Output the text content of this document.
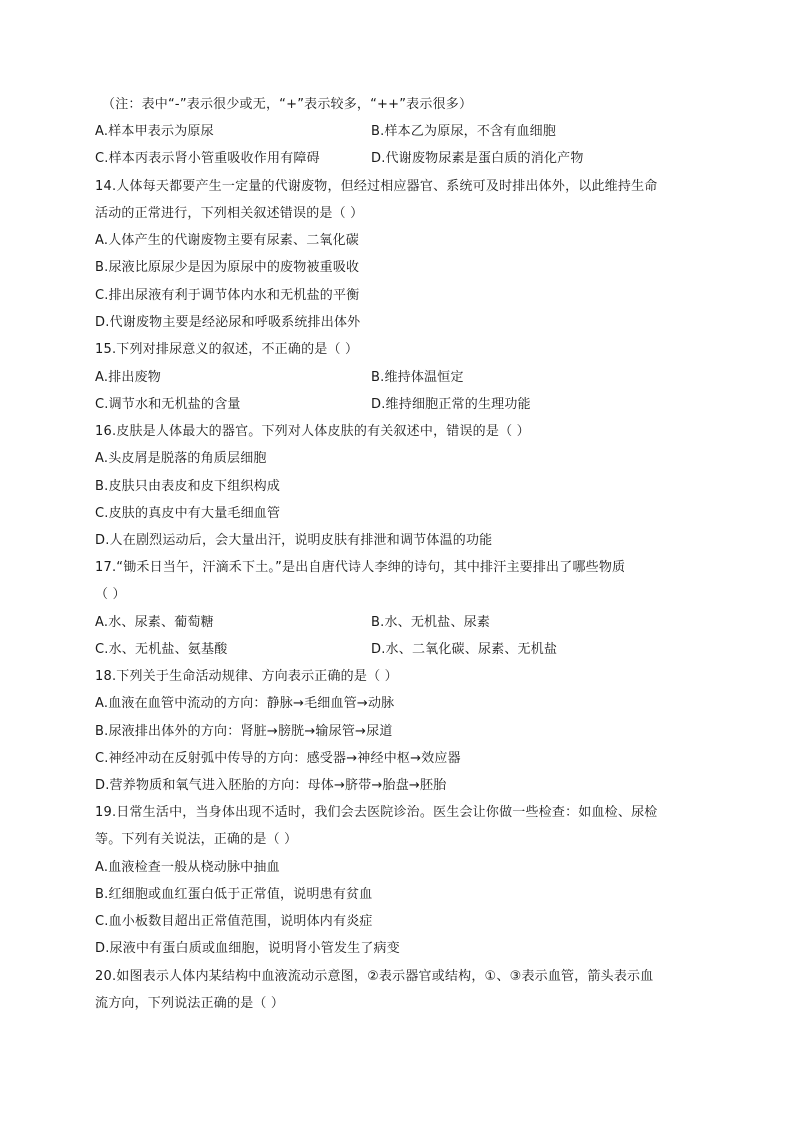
（注：表中“-”表示很少或无，“+”表示较多，“++”表示很多）
A.样本甲表示为原尿	B.样本乙为原尿，不含有血细胞
C.样本丙表示肾小管重吸收作用有障碍	D.代谢废物尿素是蛋白质的消化产物
14.人体每天都要产生一定量的代谢废物，但经过相应器官、系统可及时排出体外，以此维持生命
活动的正常进行，下列相关叙述错误的是（ ）
A.人体产生的代谢废物主要有尿素、二氧化碳
B.尿液比原尿少是因为原尿中的废物被重吸收
C.排出尿液有利于调节体内水和无机盐的平衡
D.代谢废物主要是经泌尿和呼吸系统排出体外
15.下列对排尿意义的叙述，不正确的是（ ）
A.排出废物	B.维持体温恒定
C.调节水和无机盐的含量	D.维持细胞正常的生理功能
16.皮肤是人体最大的器官。下列对人体皮肤的有关叙述中，错误的是（ ）
A.头皮屑是脱落的角质层细胞
B.皮肤只由表皮和皮下组织构成
C.皮肤的真皮中有大量毛细血管
D.人在剧烈运动后，会大量出汗，说明皮肤有排泄和调节体温的功能
17.“锄禾日当午，汗滴禾下土。”是出自唐代诗人李绅的诗句，其中排汗主要排出了哪些物质
（ ）
A.水、尿素、葡萄糖	B.水、无机盐、尿素
C.水、无机盐、氨基酸	D.水、二氧化碳、尿素、无机盐
18.下列关于生命活动规律、方向表示正确的是（ ）
A.血液在血管中流动的方向：静脉→毛细血管→动脉
B.尿液排出体外的方向：肾脏→膀胱→输尿管→尿道
C.神经冲动在反射弧中传导的方向：感受器→神经中枢→效应器
D.营养物质和氧气进入胚胎的方向：母体→脐带→胎盘→胚胎
19.日常生活中，当身体出现不适时，我们会去医院诊治。医生会让你做一些检查：如血检、尿检
等。下列有关说法，正确的是（ ）
A.血液检查一般从桡动脉中抽血
B.红细胞或血红蛋白低于正常值，说明患有贫血
C.血小板数目超出正常值范围，说明体内有炎症
D.尿液中有蛋白质或血细胞，说明肾小管发生了病变
20.如图表示人体内某结构中血液流动示意图，②表示器官或结构，①、③表示血管，箭头表示血
流方向，下列说法正确的是（ ）
